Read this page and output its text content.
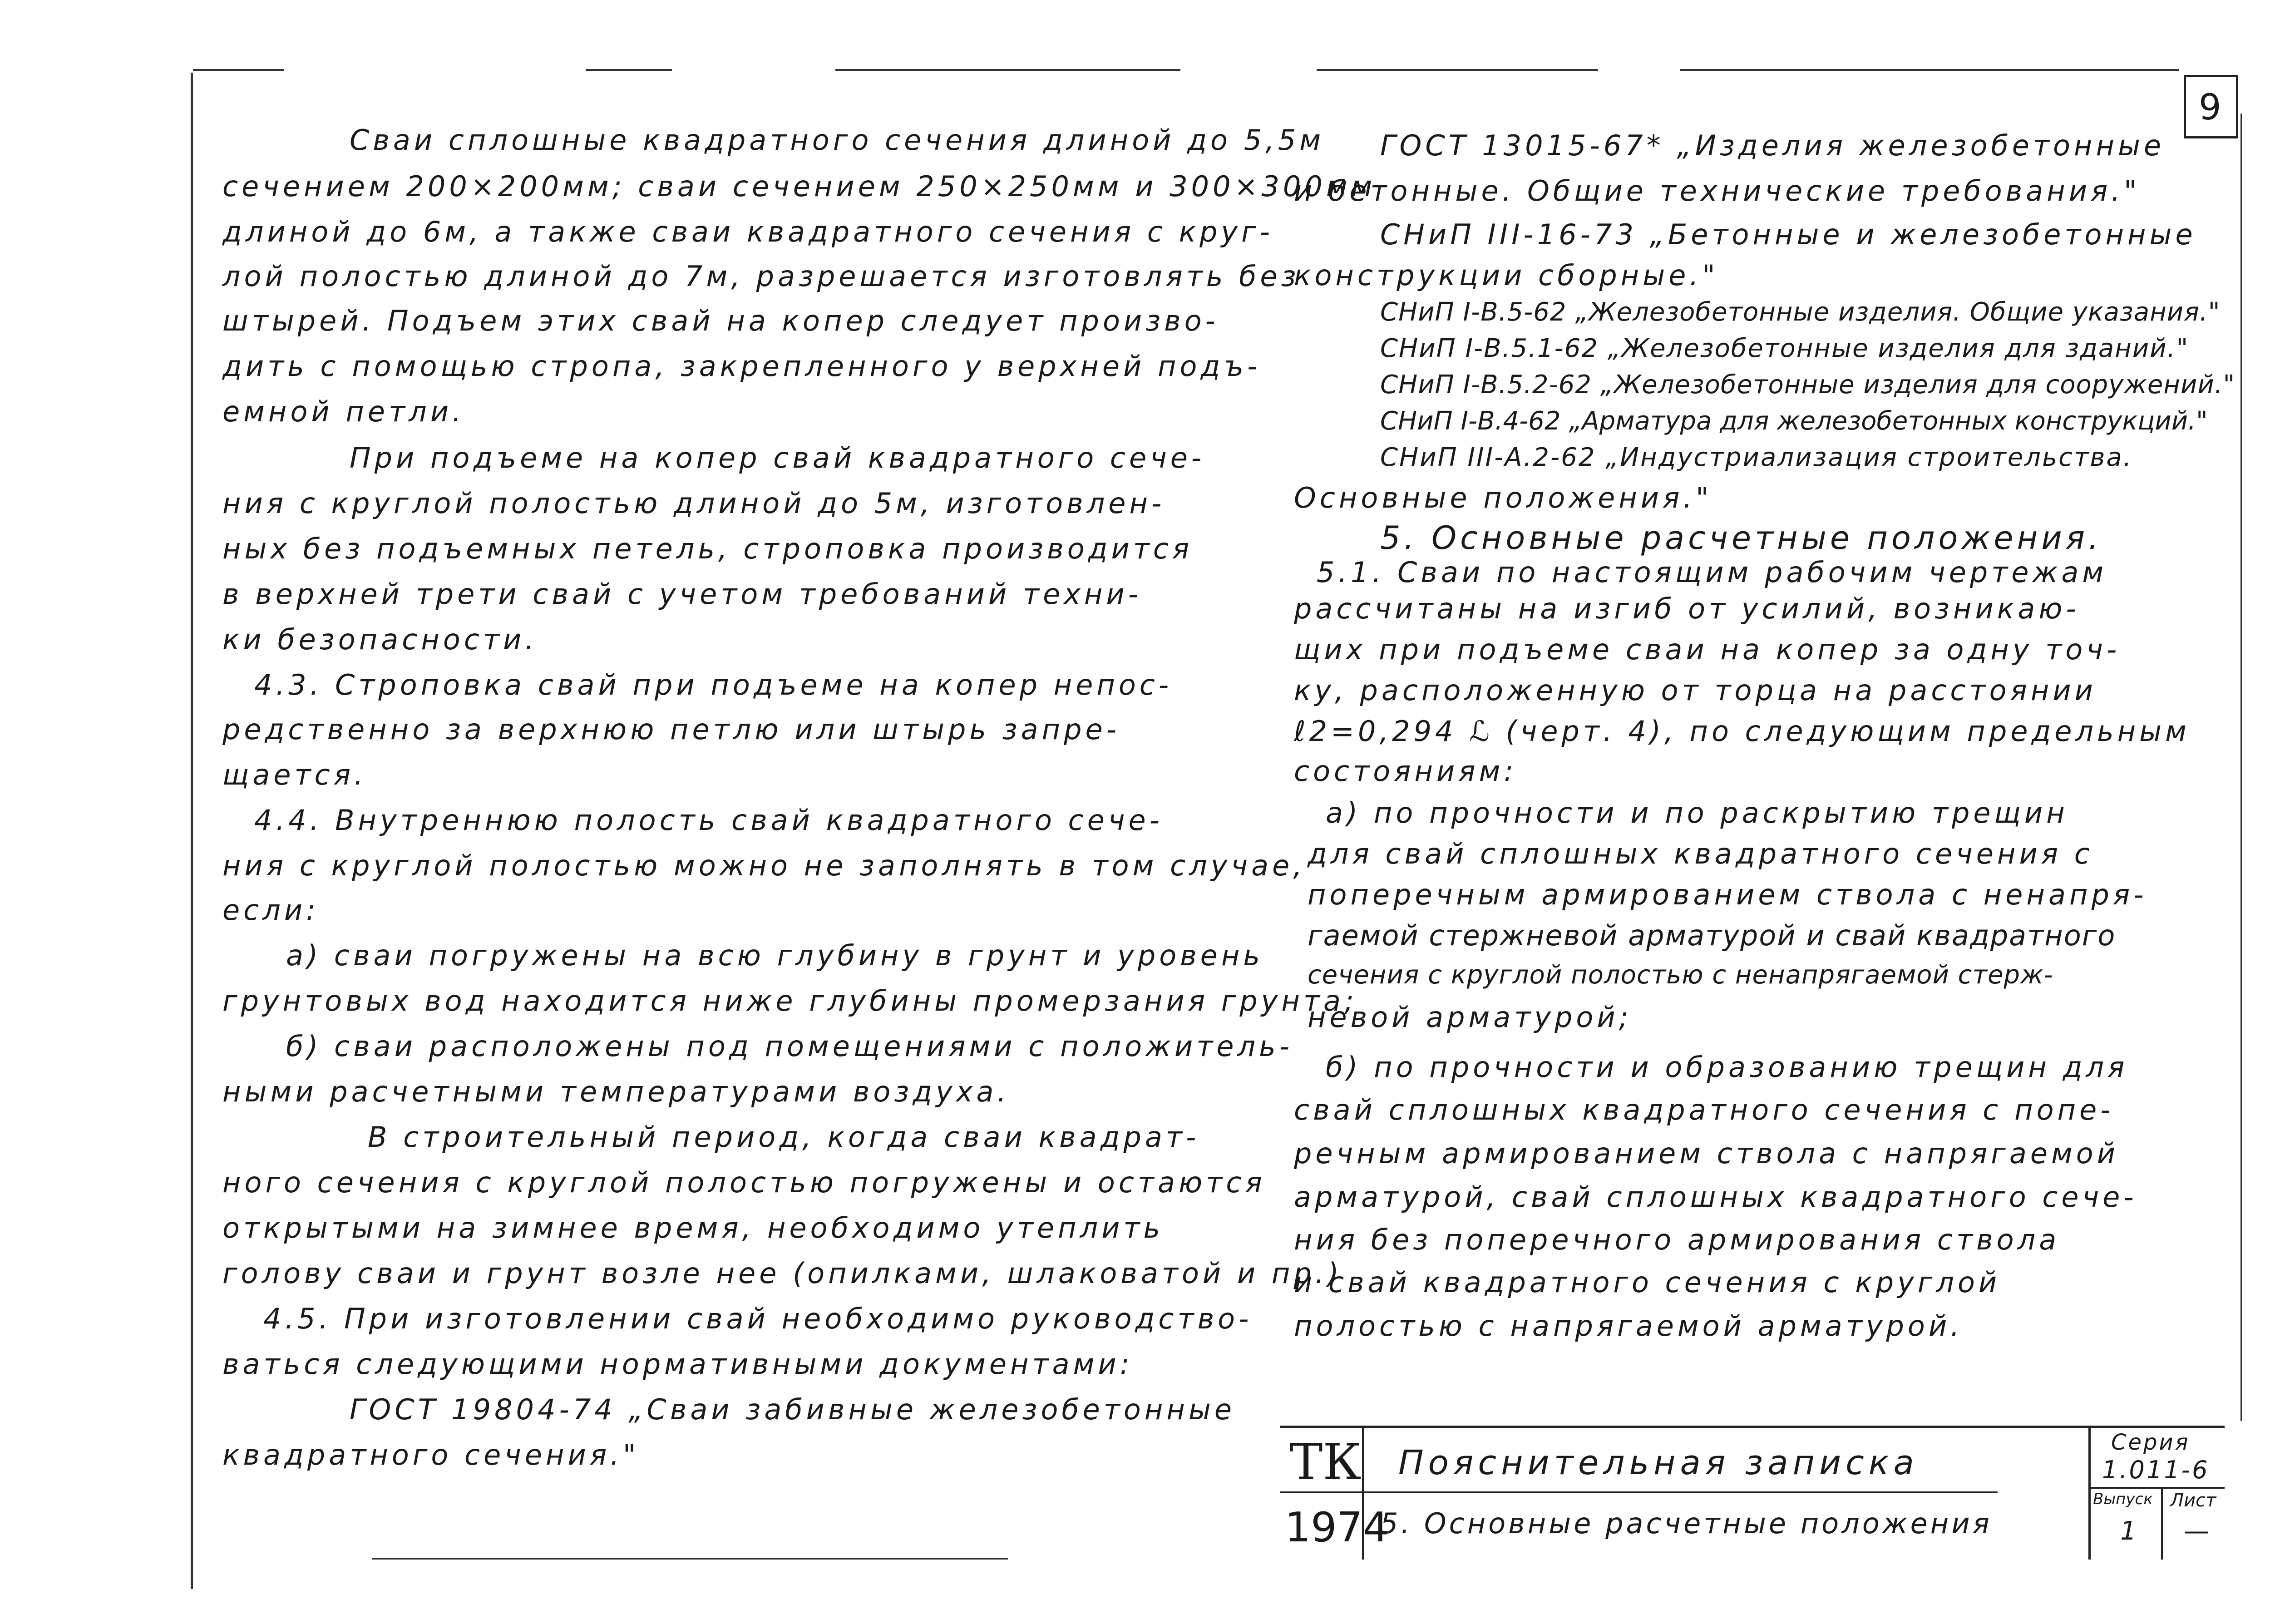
9
Сваи сплошные квадратного сечения длиной до 5,5м
сечением 200×200мм; сваи сечением 250×250мм и 300×300мм
длиной до 6м, а также сваи квадратного сечения с круг-
лой полостью длиной до 7м, разрешается изготовлять без
штырей. Подъем этих свай на копер следует произво-
дить с помощью стропа, закрепленного у верхней подъ-
емной петли.
При подъеме на копер свай квадратного сече-
ния с круглой полостью длиной до 5м, изготовлен-
ных без подъемных петель, строповка производится
в верхней трети свай с учетом требований техни-
ки безопасности.
4.3. Строповка свай при подъеме на копер непос-
редственно за верхнюю петлю или штырь запре-
щается.
4.4. Внутреннюю полость свай квадратного сече-
ния с круглой полостью можно не заполнять в том случае,
если:
а) сваи погружены на всю глубину в грунт и уровень
грунтовых вод находится ниже глубины промерзания грунта;
б) сваи расположены под помещениями с положитель-
ными расчетными температурами воздуха.
В строительный период, когда сваи квадрат-
ного сечения с круглой полостью погружены и остаются
открытыми на зимнее время, необходимо утеплить
голову сваи и грунт возле нее (опилками, шлаковатой и пр.)
4.5. При изготовлении свай необходимо руководство-
ваться следующими нормативными документами:
ГОСТ 19804-74 „Сваи забивные железобетонные
квадратного сечения."
ГОСТ 13015-67* „Изделия железобетонные
и бетонные. Общие технические требования."
СНиП III-16-73 „Бетонные и железобетонные
конструкции сборные."
СНиП I-В.5-62 „Железобетонные изделия. Общие указания."
СНиП I-В.5.1-62 „Железобетонные изделия для зданий."
СНиП I-В.5.2-62 „Железобетонные изделия для сооружений."
СНиП I-В.4-62 „Арматура для железобетонных конструкций."
СНиП III-А.2-62 „Индустриализация строительства.
Основные положения."
5. Основные расчетные положения.
5.1. Сваи по настоящим рабочим чертежам
рассчитаны на изгиб от усилий, возникаю-
щих при подъеме сваи на копер за одну точ-
ку, расположенную от торца на расстоянии
ℓ2=0,294 ℒ (черт. 4), по следующим предельным
состояниям:
а) по прочности и по раскрытию трещин
для свай сплошных квадратного сечения с
поперечным армированием ствола с ненапря-
гаемой стержневой арматурой и свай квадратного
сечения с круглой полостью с ненапрягаемой стерж-
невой арматурой;
б) по прочности и образованию трещин для
свай сплошных квадратного сечения с попе-
речным армированием ствола с напрягаемой
арматурой, свай сплошных квадратного сече-
ния без поперечного армирования ствола
и свай квадратного сечения с круглой
полостью с напрягаемой арматурой.
ТК
1974
Пояснительная записка
5. Основные расчетные положения
Серия
1.011-6
Выпуск Лист
1 —
